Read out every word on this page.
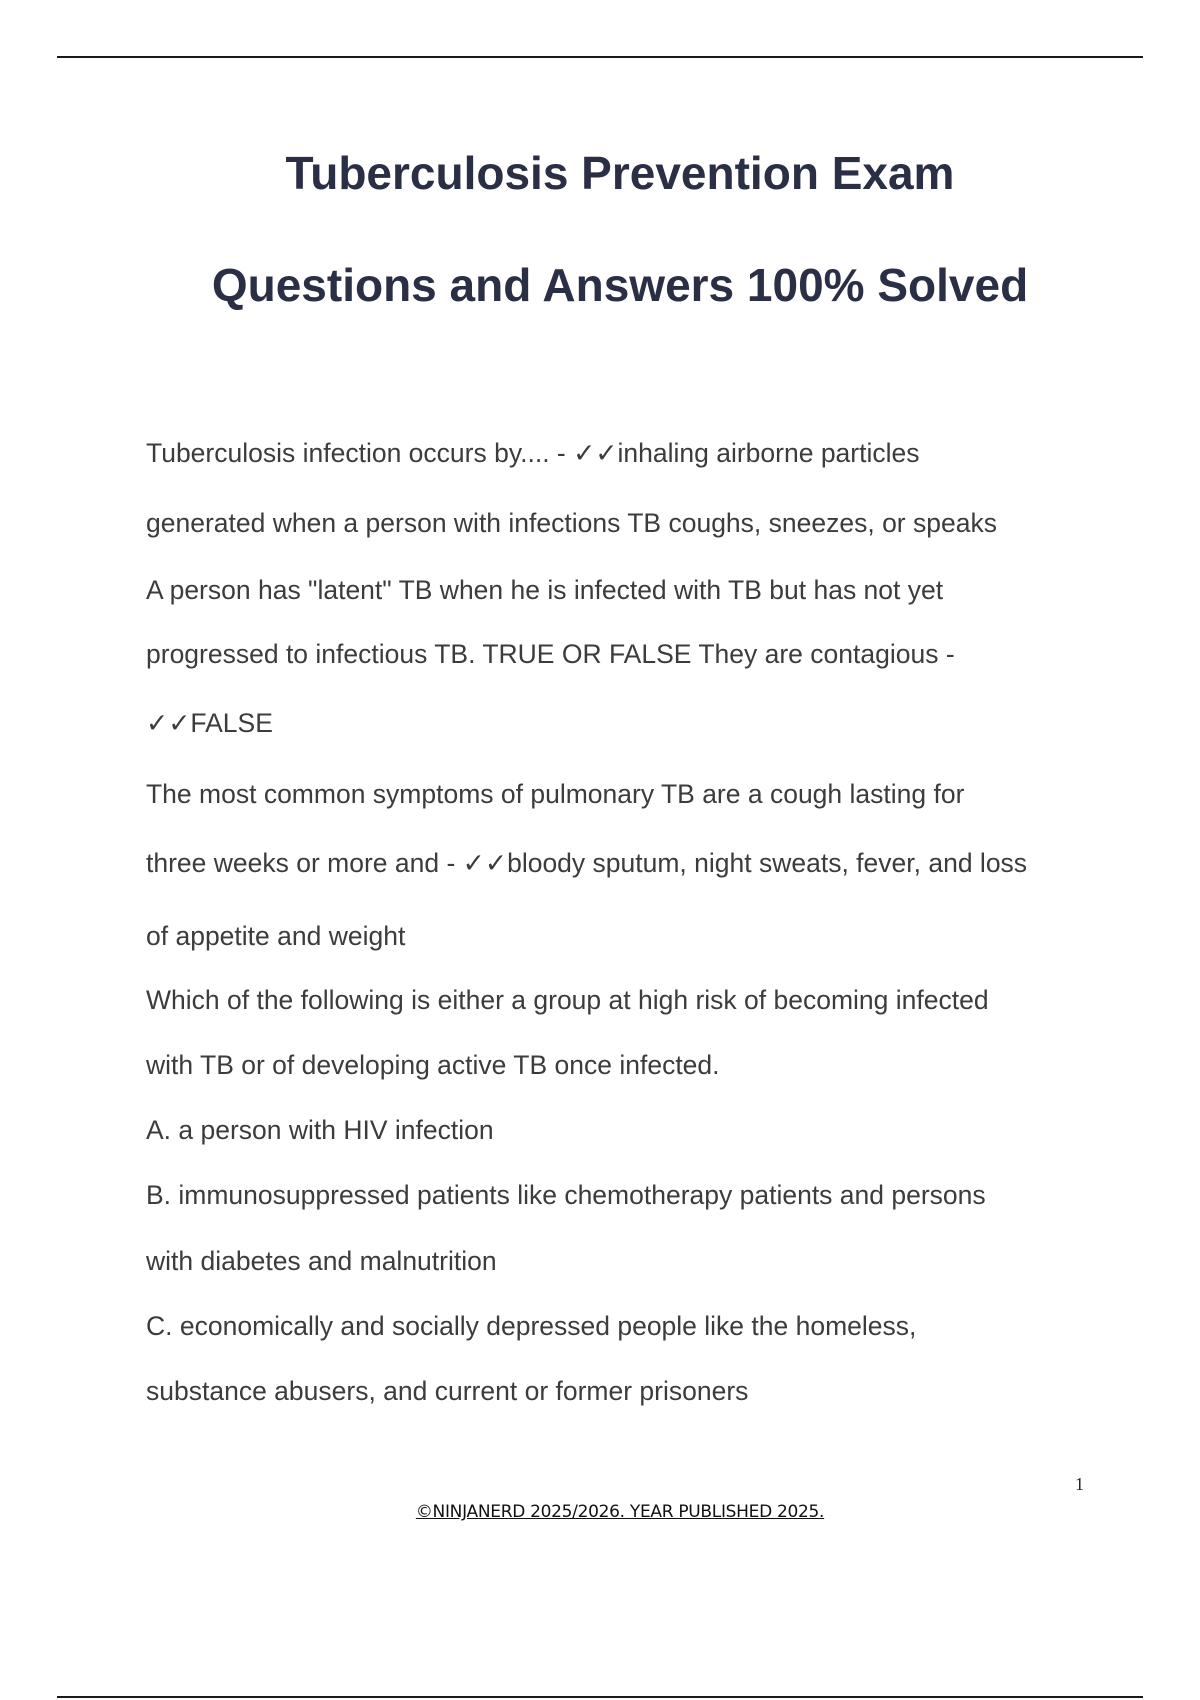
Tuberculosis Prevention Exam
Questions and Answers 100% Solved

Tuberculosis infection occurs by.... - ✓✓inhaling airborne particles

generated when a person with infections TB coughs, sneezes, or speaks

A person has "latent" TB when he is infected with TB but has not yet

progressed to infectious TB. TRUE OR FALSE They are contagious -

✓✓FALSE

The most common symptoms of pulmonary TB are a cough lasting for

three weeks or more and - ✓✓bloody sputum, night sweats, fever, and loss

of appetite and weight

Which of the following is either a group at high risk of becoming infected

with TB or of developing active TB once infected.

A. a person with HIV infection

B. immunosuppressed patients like chemotherapy patients and persons

with diabetes and malnutrition

C. economically and socially depressed people like the homeless,

substance abusers, and current or former prisoners

1
©NINJANERD 2025/2026. YEAR PUBLISHED 2025.
